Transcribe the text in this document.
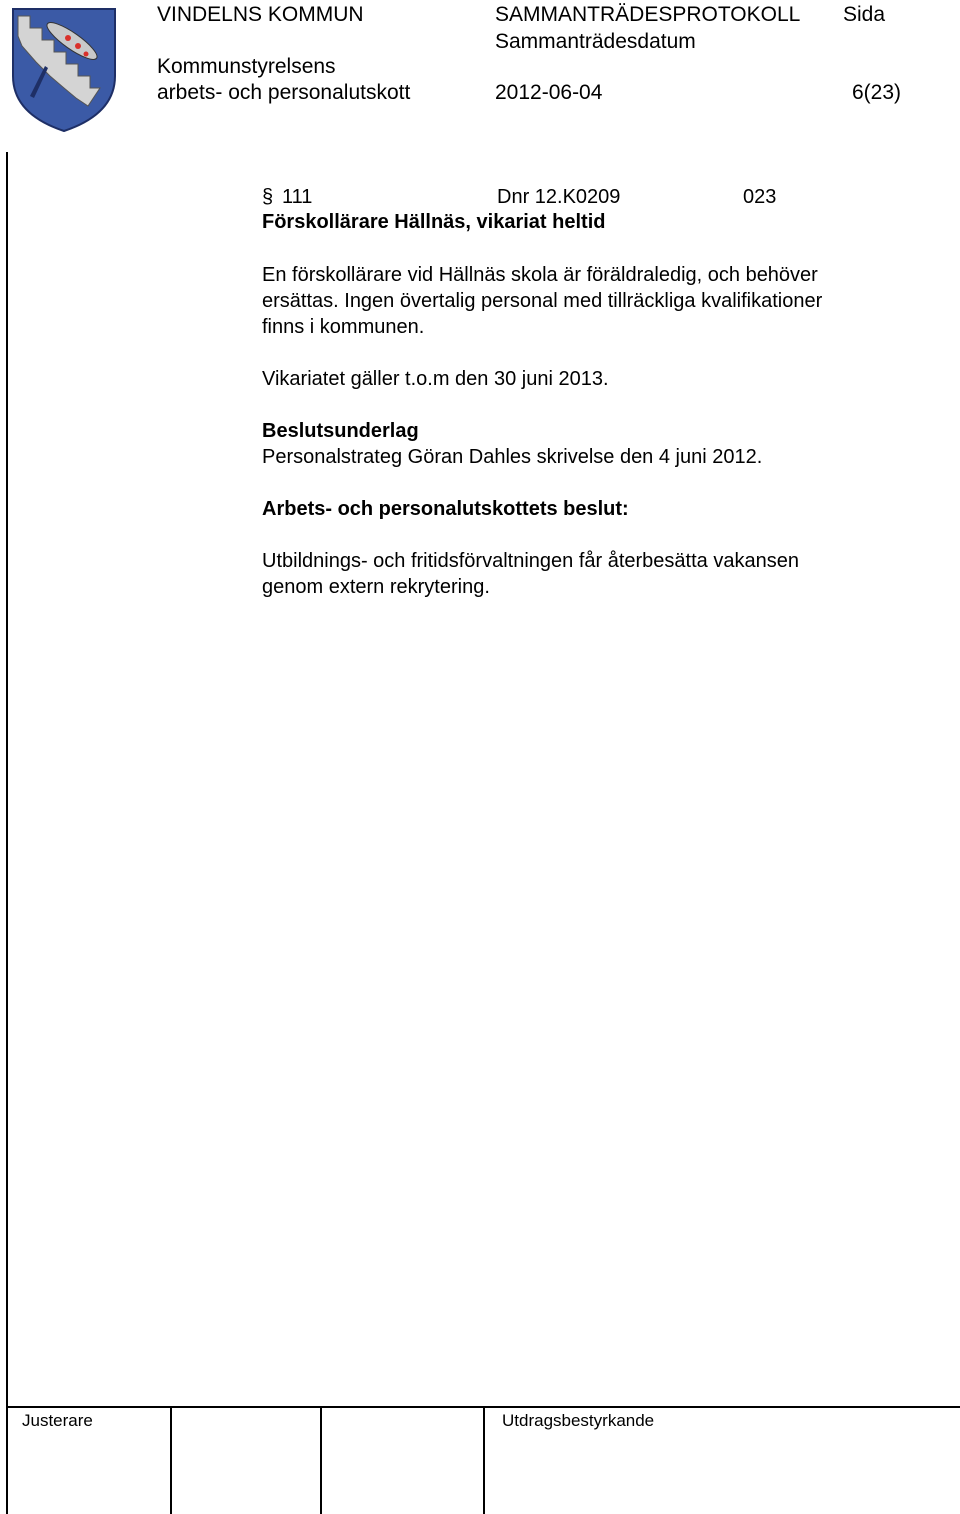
VINDELNS KOMMUN	SAMMANTRÄDESPROTOKOLL Sida
Sammanträdesdatum
Kommunstyrelsens
arbets- och personalutskott	2012-06-04	6(23)
§ 111	Dnr 12.K0209	023
Förskollärare Hällnäs, vikariat heltid
En förskollärare vid Hällnäs skola är föräldraledig, och behöver
ersättas. Ingen övertalig personal med tillräckliga kvalifikationer
finns i kommunen.
Vikariatet gäller t.o.m den 30 juni 2013.
Beslutsunderlag
Personalstrateg Göran Dahles skrivelse den 4 juni 2012.
Arbets- och personalutskottets beslut:
Utbildnings- och fritidsförvaltningen får återbesätta vakansen
genom extern rekrytering.
Justerare	Utdragsbestyrkande
